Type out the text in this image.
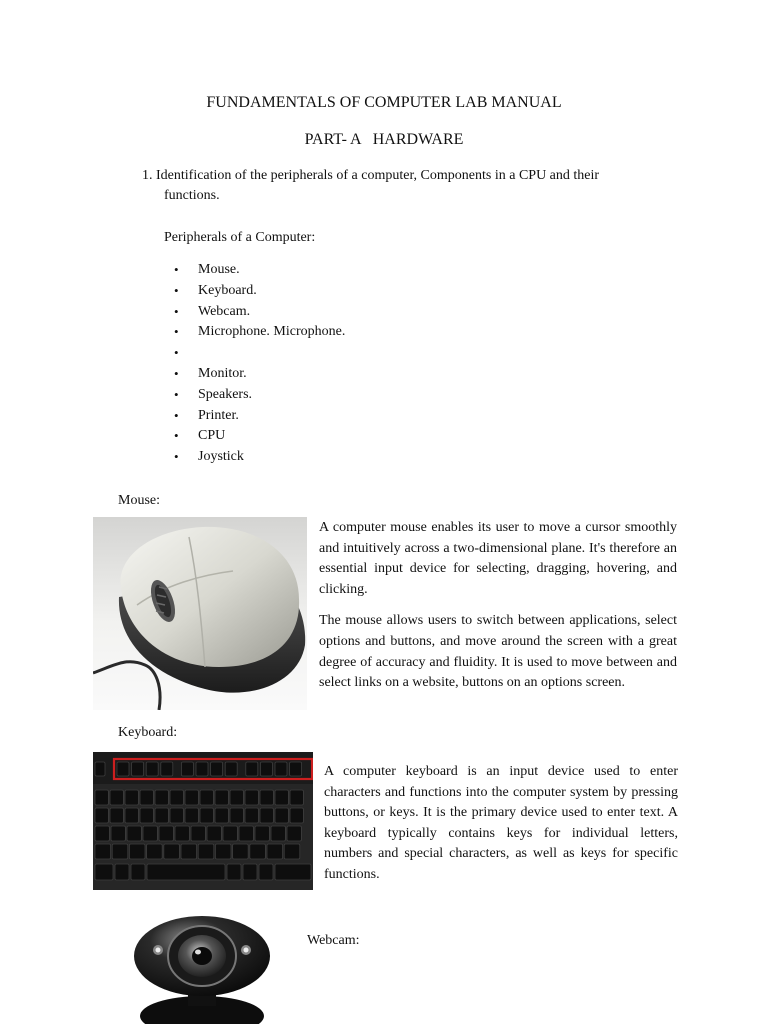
FUNDAMENTALS OF COMPUTER LAB MANUAL
PART- A   HARDWARE
1. Identification of the peripherals of a computer, Components in a CPU and their
functions.
Peripherals of a Computer:
• Mouse.
• Keyboard.
• Webcam.
• Microphone. Microphone.
•
• Monitor.
• Speakers.
• Printer.
• CPU
• Joystick
Mouse:

A computer mouse enables its user to move a cursor smoothly and intuitively across a two-dimensional plane. It's therefore an essential input device for selecting, dragging, hovering, and clicking.

The mouse allows users to switch between applications, select options and buttons, and move around the screen with a great degree of accuracy and fluidity. It is used to move between and select links on a website, buttons on an options screen.

Keyboard:

A computer keyboard is an input device used to enter characters and functions into the computer system by pressing buttons, or keys. It is the primary device used to enter text. A keyboard typically contains keys for individual letters, numbers and special characters, as well as keys for specific functions.

Webcam:
